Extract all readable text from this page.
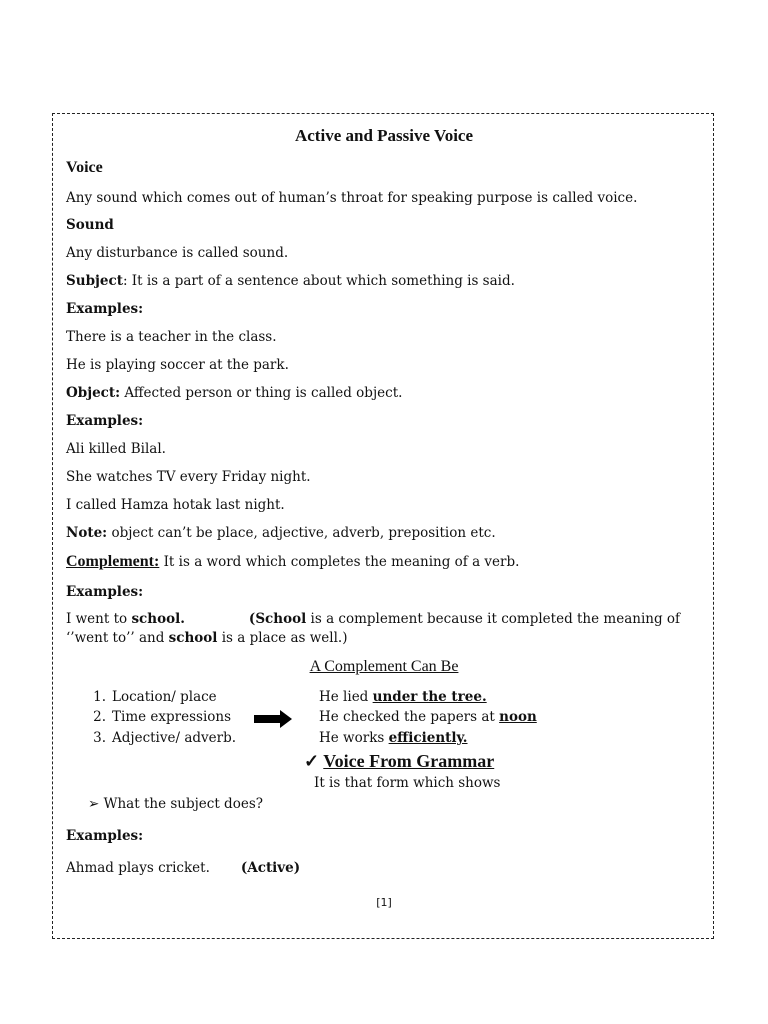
Active and Passive Voice
Voice
Any sound which comes out of human’s throat for speaking purpose is called voice.
Sound
Any disturbance is called sound.
Subject: It is a part of a sentence about which something is said.
Examples:
There is a teacher in the class.
He is playing soccer at the park.
Object: Affected person or thing is called object.
Examples:
Ali killed Bilal.
She watches TV every Friday night.
I called Hamza hotak last night.
Note: object can’t be place, adjective, adverb, preposition etc.
Complement: It is a word which completes the meaning of a verb.
Examples:
I went to school.	(School is a complement because it completed the meaning of ‘’went to’’ and school is a place as well.)
A Complement Can Be
1. Location/ place
2. Time expressions
3. Adjective/ adverb.
He lied under the tree.
He checked the papers at noon
He works efficiently.
✓ Voice From Grammar
It is that form which shows
➢ What the subject does?
Examples:
Ahmad plays cricket. (Active)
[1]
